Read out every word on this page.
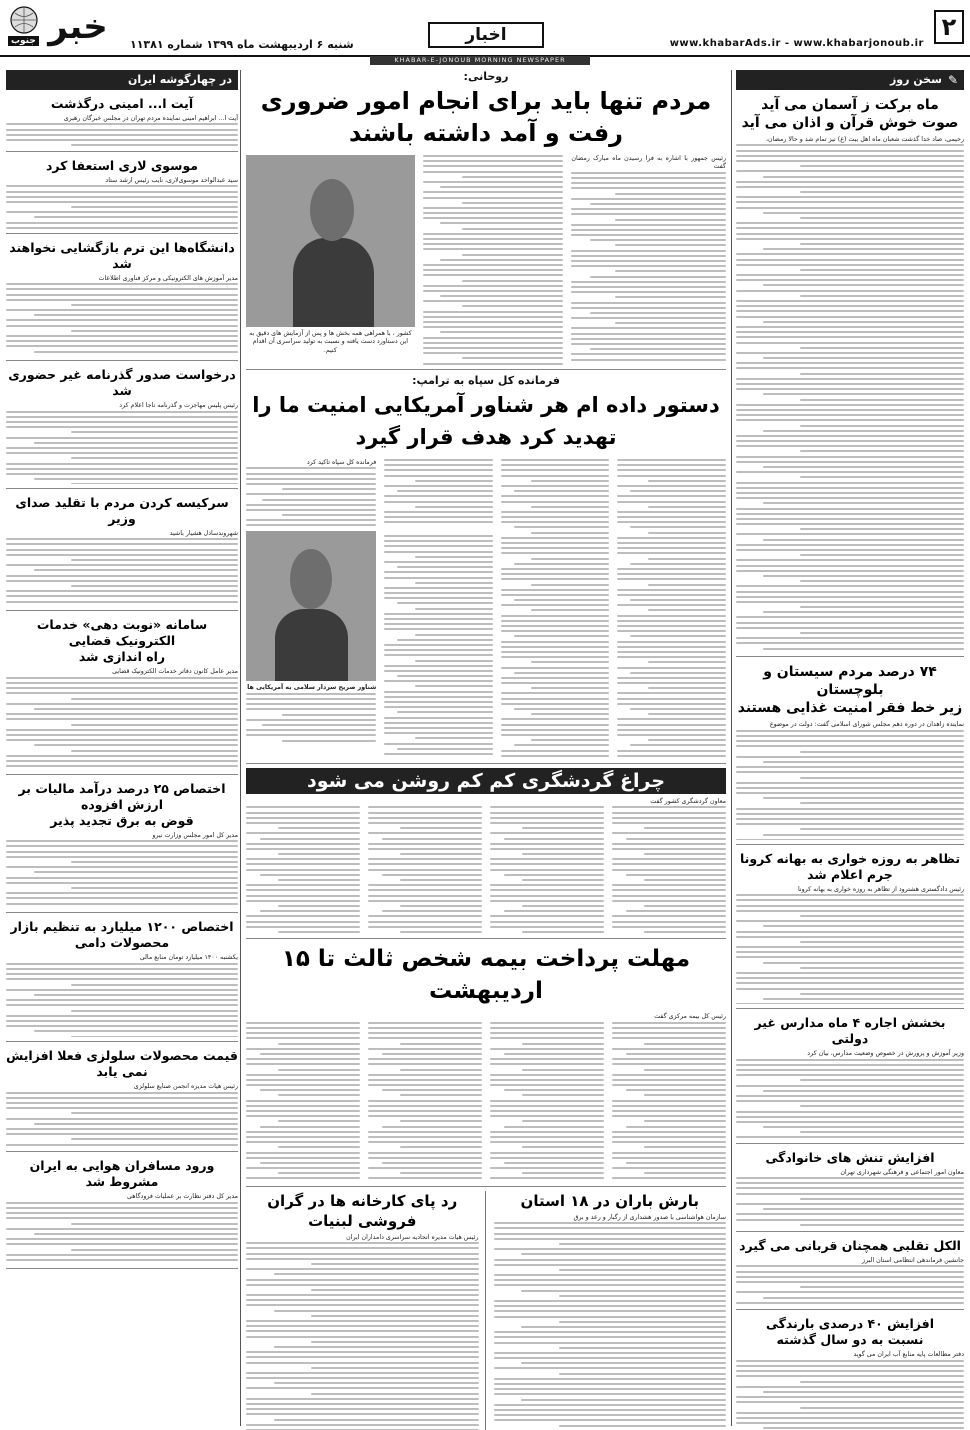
۲
www.khabarAds.ir - www.khabarjonoub.ir
اخبار
شنبه ۶ اردیبهشت ماه ۱۳۹۹ شماره ۱۱۳۸۱
خبر
جنوب
KHABAR-E-JONOUB MORNING NEWSPAPER
✎
سخن روز
ماه برکت ز آسمان می آید
صوت خوش قرآن و اذان می آید

رحیمی، صاد خدا گذشت شعبان ماه اهل بیت (ع) نیز تمام شد و حالا رمضان،

۷۴ درصد مردم سیستان و بلوچستان
زیر خط فقر امنیت غذایی هستند

نماینده زاهدان در دوره دهم مجلس شورای اسلامی گفت: دولت در موضوع

تظاهر به روزه خواری به بهانه کرونا جرم اعلام شد

رئیس دادگستری هشترود از تظاهر به روزه خواری به بهانه کرونا

بخشش اجاره ۴ ماه مدارس غیر دولتی

وزیر آموزش و پرورش در خصوص وضعیت مدارس، بیان کرد

افزایش تنش های خانوادگی

معاون امور اجتماعی و فرهنگی شهرداری تهران

الکل تقلبی همچنان قربانی می گیرد

جانشین فرماندهی انتظامی استان البرز

افزایش ۴۰ درصدی بارندگی
نسبت به دو سال گذشته

دفتر مطالعات پایه منابع آب ایران می گوید

در چهارگوشه ایران
آیت ا... امینی درگذشت

آیت ا... ابراهیم امینی نماینده مردم تهران در مجلس خبرگان رهبری

موسوی لاری استعفا کرد

سید عبدالواحد موسوی‌لاری، نایب رئیس ارشد ستاد

دانشگاه‌ها این ترم بازگشایی نخواهند شد

مدیر آموزش های الکترونیکی و مرکز فناوری اطلاعات

درخواست صدور گذرنامه غیر حضوری شد

رئیس پلیس مهاجرت و گذرنامه ناجا اعلام کرد

سرکیسه کردن مردم با تقلید صدای وزیر

شهروندسادل هشیار باشید

سامانه «نوبت دهی» خدمات الکترونیک قضایی
راه اندازی شد

مدیر عامل کانون دفاتر خدمات الکترونیک قضایی

اختصاص ۲۵ درصد درآمد مالیات بر ارزش افزوده
قوض به برق تجدید پذیر

مدیر کل امور مجلس وزارت نیرو

اختصاص ۱۲۰۰ میلیارد به تنظیم بازار محصولات دامی

یکشنبه ۱۴۰۰ میلیارد تومان منابع مالی

قیمت محصولات سلولزی فعلا افزایش نمی یابد

رئیس هیات مدیره انجمن صنایع سلولزی

ورود مسافران هوایی به ایران مشروط شد

مدیر کل دفتر نظارت بر عملیات فرودگاهی

روحانی:
مردم تنها باید برای انجام امور ضروری رفت و آمد داشته باشند

رئیس جمهور با اشاره به فرا رسیدن ماه مبارک رمضان گفت

کشور ، با همراهی همه بخش ها و پس از آزمایش های دقیق به این دستاورد دست یافته و نسبت به تولید سراسری آن اقدام کنیم.

فرمانده کل سپاه به ترامپ:
دستور داده ام هر شناور آمریکایی امنیت ما را تهدید کرد هدف قرار گیرد

فرمانده کل سپاه تاکید کرد

شناور صریح سردار سلامی به آمریکایی ها

چراغ گردشگری کم کم روشن می شود

معاون گردشگری کشور گفت

مهلت پرداخت بیمه شخص ثالث تا ۱۵ اردیبهشت

رئیس کل بیمه مرکزی گفت

بارش باران در ۱۸ استان

سازمان هواشناسی با صدور هشداری از رگبار و رعد و برق

رد پای کارخانه ها در گران فروشی لبنیات

رئیس هیات مدیره اتحادیه سراسری دامداران ایران
